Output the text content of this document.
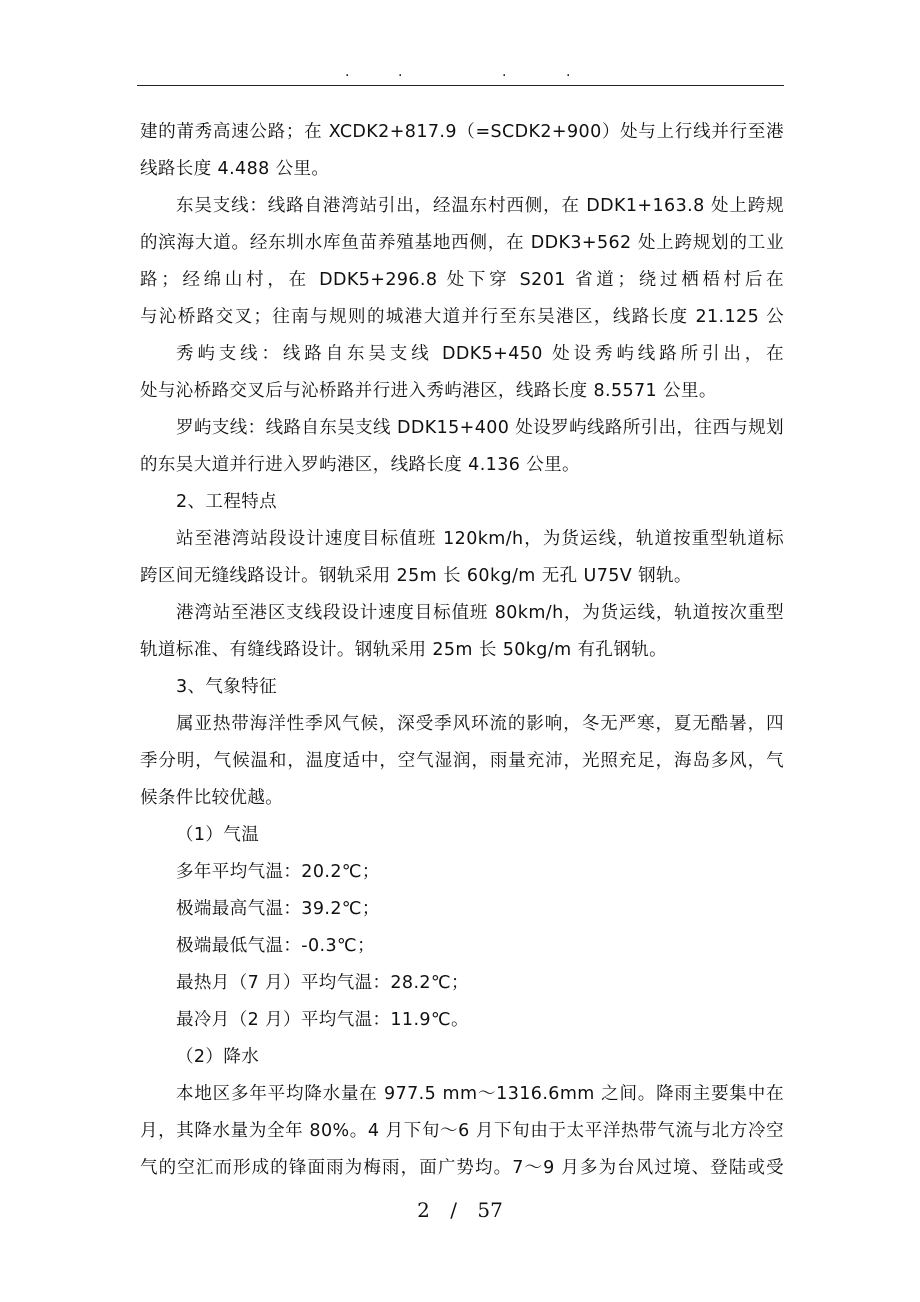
.	.	.	.
建的莆秀高速公路；在 XCDK2+817.9（=SCDK2+900）处与上行线并行至港
线路长度 4.488 公里。
东吴支线：线路自港湾站引出，经温东村西侧，在 DDK1+163.8 处上跨规
的滨海大道。经东圳水库鱼苗养殖基地西侧，在 DDK3+562 处上跨规划的工业
路；经绵山村，在 DDK5+296.8 处下穿 S201 省道；绕过栖梧村后在
与沁桥路交叉；往南与规则的城港大道并行至东吴港区，线路长度 21.125 公
秀屿支线：线路自东吴支线 DDK5+450 处设秀屿线路所引出，在
处与沁桥路交叉后与沁桥路并行进入秀屿港区，线路长度 8.5571 公里。
罗屿支线：线路自东吴支线 DDK15+400 处设罗屿线路所引出，往西与规划
的东吴大道并行进入罗屿港区，线路长度 4.136 公里。
2、工程特点
站至港湾站段设计速度目标值班 120km/h，为货运线，轨道按重型轨道标
跨区间无缝线路设计。钢轨采用 25m 长 60kg/m 无孔 U75V 钢轨。
港湾站至港区支线段设计速度目标值班 80km/h，为货运线，轨道按次重型
轨道标准、有缝线路设计。钢轨采用 25m 长 50kg/m 有孔钢轨。
3、气象特征
属亚热带海洋性季风气候，深受季风环流的影响，冬无严寒，夏无酷暑，四
季分明，气候温和，温度适中，空气湿润，雨量充沛，光照充足，海岛多风，气
候条件比较优越。
（1）气温
多年平均气温：20.2℃；
极端最高气温：39.2℃；
极端最低气温：-0.3℃；
最热月（7 月）平均气温：28.2℃；
最冷月（2 月）平均气温：11.9℃。
（2）降水
本地区多年平均降水量在 977.5 mm～1316.6mm 之间。降雨主要集中在
月，其降水量为全年 80%。4 月下旬～6 月下旬由于太平洋热带气流与北方冷空
气的空汇而形成的锋面雨为梅雨，面广势均。7～9 月多为台风过境、登陆或受
2 / 57
